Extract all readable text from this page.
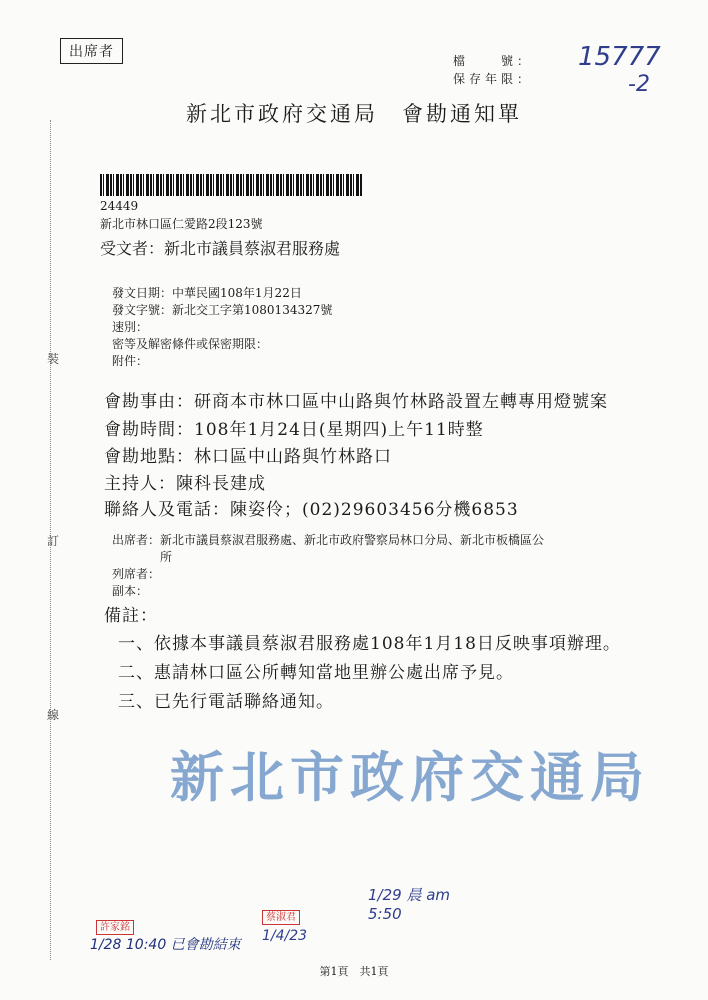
出席者
檔　　號：
保存年限：
15777
-2
新北市政府交通局　會勘通知單
24449
新北市林口區仁愛路2段123號
受文者：新北市議員蔡淑君服務處
發文日期：中華民國108年1月22日
發文字號：新北交工字第1080134327號
速別：
密等及解密條件或保密期限：
附件：
會勘事由：研商本市林口區中山路與竹林路設置左轉專用燈號案
會勘時間：108年1月24日(星期四)上午11時整
會勘地點：林口區中山路與竹林路口
主持人：陳科長建成
聯絡人及電話：陳姿伶；(02)29603456分機6853
出席者： 新北市議員蔡淑君服務處、新北市政府警察局林口分局、新北市板橋區公
所
列席者：
副本：
備註：
一、依據本事議員蔡淑君服務處108年1月18日反映事項辦理。
二、惠請林口區公所轉知當地里辦公處出席予見。
三、已先行電話聯絡通知。
裝
訂
線
新北市政府交通局
許家銘
1/28 10:40 已會勘結束
蔡淑君
1/4/23
1/29 晨 am 5:50
第1頁　共1頁
